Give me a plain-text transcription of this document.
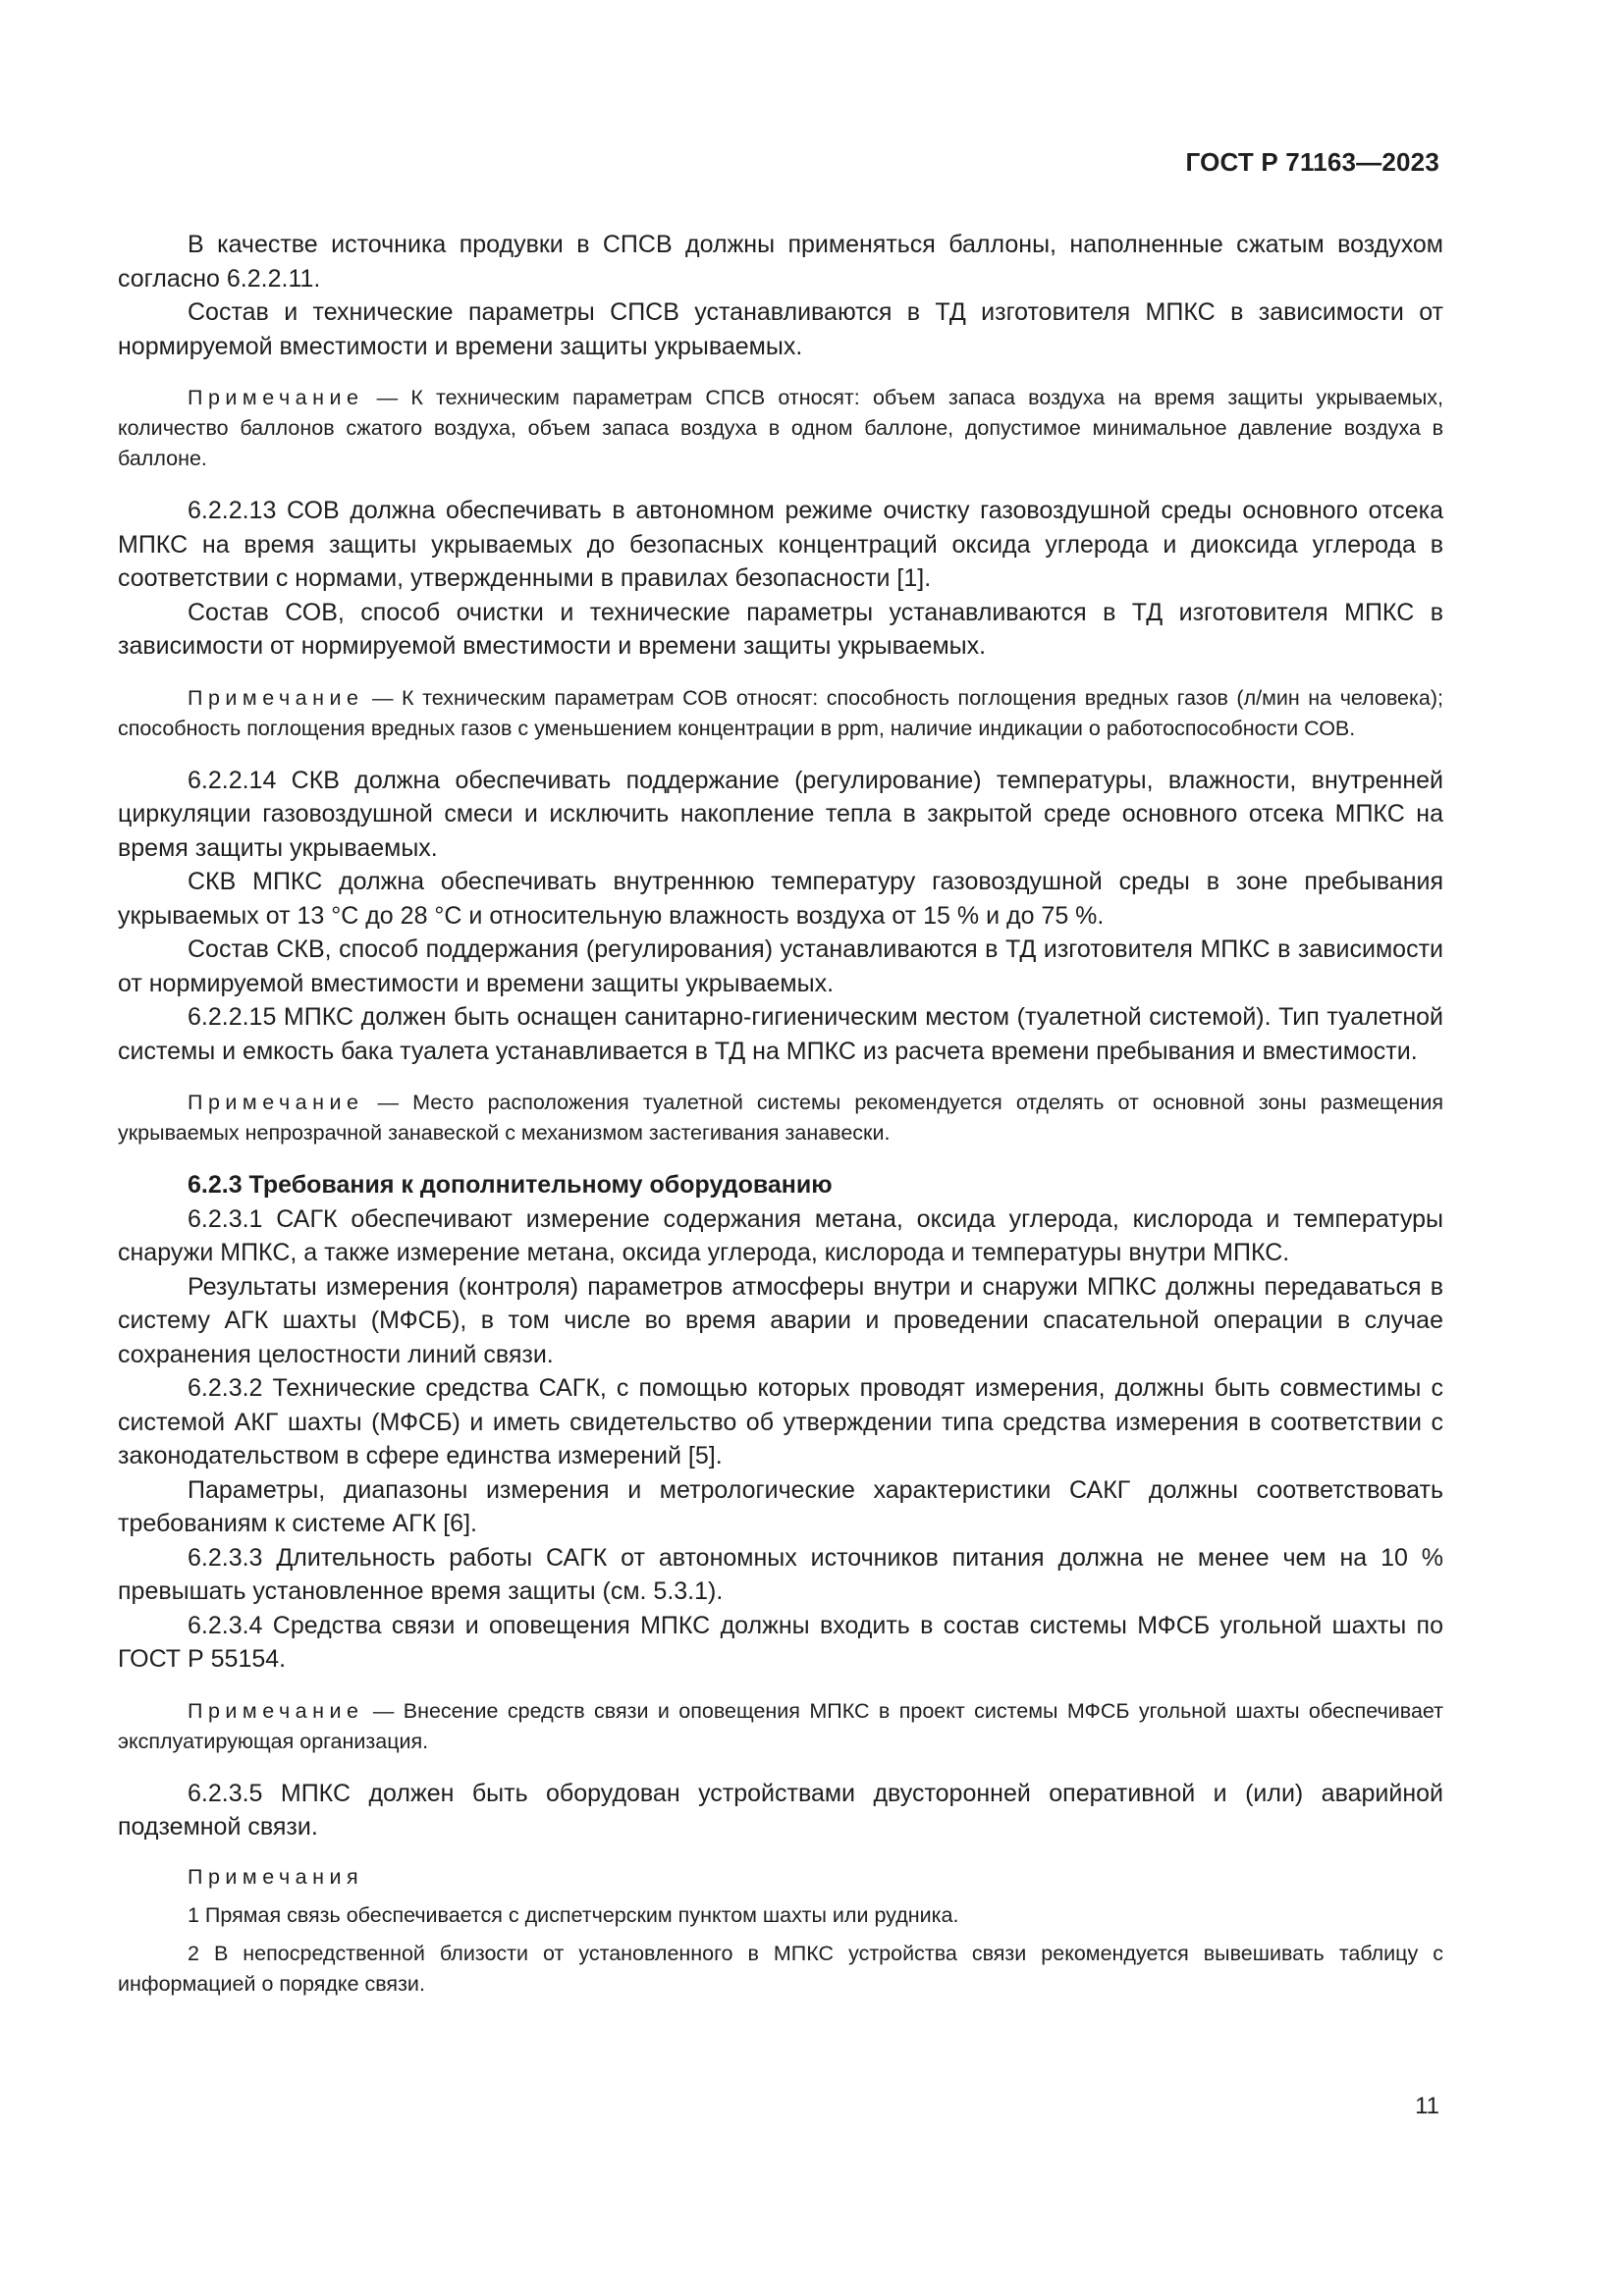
ГОСТ Р 71163—2023

В качестве источника продувки в СПСВ должны применяться баллоны, наполненные сжатым воздухом согласно 6.2.2.11.

Состав и технические параметры СПСВ устанавливаются в ТД изготовителя МПКС в зависимости от нормируемой вместимости и времени защиты укрываемых.

Примечание — К техническим параметрам СПСВ относят: объем запаса воздуха на время защиты укрываемых, количество баллонов сжатого воздуха, объем запаса воздуха в одном баллоне, допустимое минимальное давление воздуха в баллоне.

6.2.2.13 СОВ должна обеспечивать в автономном режиме очистку газовоздушной среды основного отсека МПКС на время защиты укрываемых до безопасных концентраций оксида углерода и диоксида углерода в соответствии с нормами, утвержденными в правилах безопасности [1].

Состав СОВ, способ очистки и технические параметры устанавливаются в ТД изготовителя МПКС в зависимости от нормируемой вместимости и времени защиты укрываемых.

Примечание — К техническим параметрам СОВ относят: способность поглощения вредных газов (л/мин на человека); способность поглощения вредных газов с уменьшением концентрации в ppm, наличие индикации о работоспособности СОВ.

6.2.2.14 СКВ должна обеспечивать поддержание (регулирование) температуры, влажности, внутренней циркуляции газовоздушной смеси и исключить накопление тепла в закрытой среде основного отсека МПКС на время защиты укрываемых.

СКВ МПКС должна обеспечивать внутреннюю температуру газовоздушной среды в зоне пребывания укрываемых от 13 °С до 28 °С и относительную влажность воздуха от 15 % и до 75 %.

Состав СКВ, способ поддержания (регулирования) устанавливаются в ТД изготовителя МПКС в зависимости от нормируемой вместимости и времени защиты укрываемых.

6.2.2.15 МПКС должен быть оснащен санитарно-гигиеническим местом (туалетной системой). Тип туалетной системы и емкость бака туалета устанавливается в ТД на МПКС из расчета времени пребывания и вместимости.

Примечание — Место расположения туалетной системы рекомендуется отделять от основной зоны размещения укрываемых непрозрачной занавеской с механизмом застегивания занавески.

6.2.3 Требования к дополнительному оборудованию

6.2.3.1 САГК обеспечивают измерение содержания метана, оксида углерода, кислорода и температуры снаружи МПКС, а также измерение метана, оксида углерода, кислорода и температуры внутри МПКС.

Результаты измерения (контроля) параметров атмосферы внутри и снаружи МПКС должны передаваться в систему АГК шахты (МФСБ), в том числе во время аварии и проведении спасательной операции в случае сохранения целостности линий связи.

6.2.3.2 Технические средства САГК, с помощью которых проводят измерения, должны быть совместимы с системой АКГ шахты (МФСБ) и иметь свидетельство об утверждении типа средства измерения в соответствии с законодательством в сфере единства измерений [5].

Параметры, диапазоны измерения и метрологические характеристики САКГ должны соответствовать требованиям к системе АГК [6].

6.2.3.3 Длительность работы САГК от автономных источников питания должна не менее чем на 10 % превышать установленное время защиты (см. 5.3.1).

6.2.3.4 Средства связи и оповещения МПКС должны входить в состав системы МФСБ угольной шахты по ГОСТ Р 55154.

Примечание — Внесение средств связи и оповещения МПКС в проект системы МФСБ угольной шахты обеспечивает эксплуатирующая организация.

6.2.3.5 МПКС должен быть оборудован устройствами двусторонней оперативной и (или) аварийной подземной связи.

Примечания

1 Прямая связь обеспечивается с диспетчерским пунктом шахты или рудника.

2 В непосредственной близости от установленного в МПКС устройства связи рекомендуется вывешивать таблицу с информацией о порядке связи.

11
